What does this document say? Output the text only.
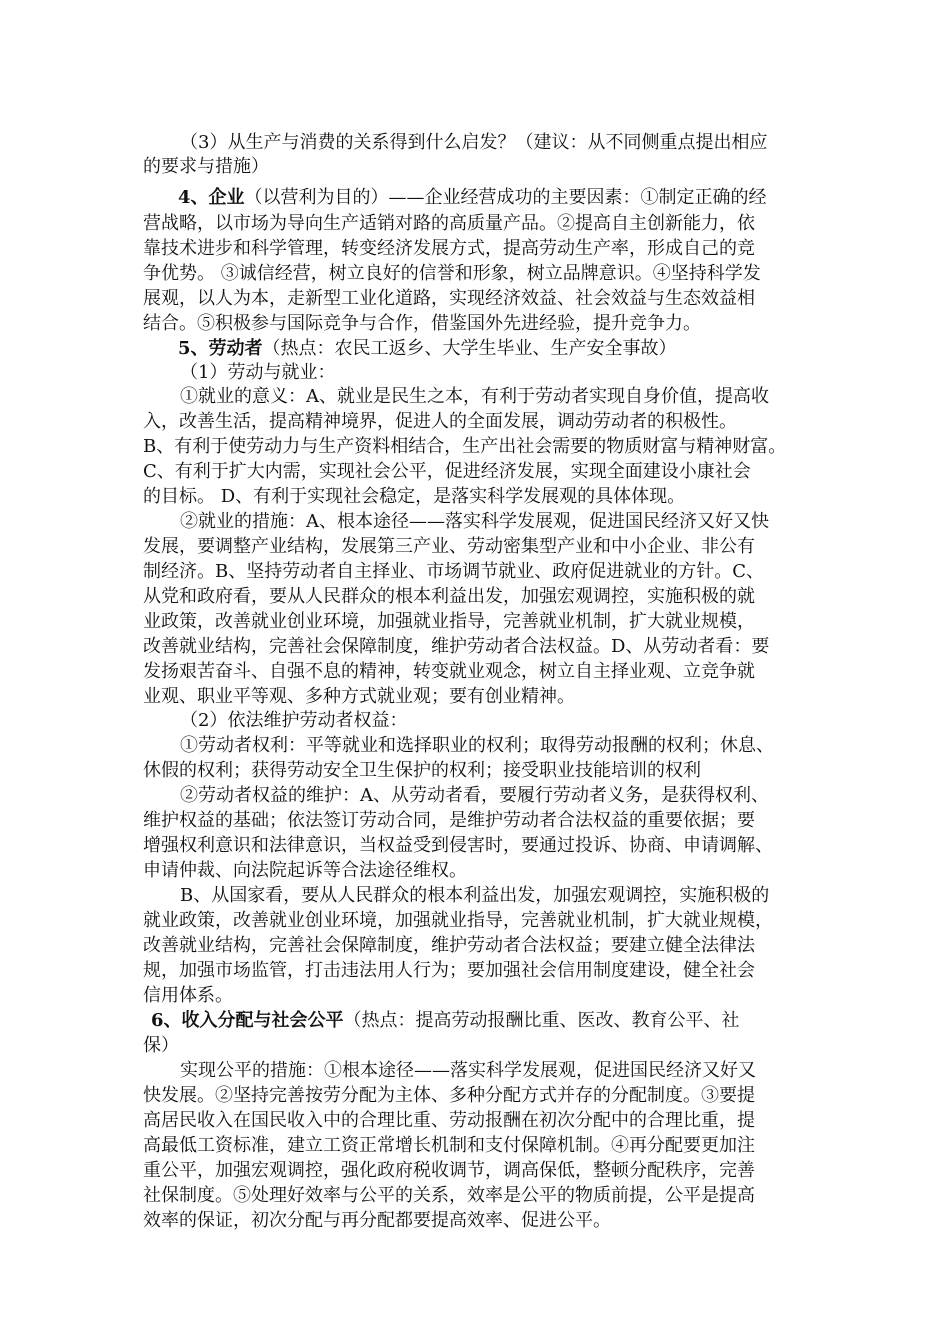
（3）从生产与消费的关系得到什么启发？（建议：从不同侧重点提出相应
的要求与措施）
4、企业（以营利为目的）——企业经营成功的主要因素：①制定正确的经
营战略，以市场为导向生产适销对路的高质量产品。②提高自主创新能力，依
靠技术进步和科学管理，转变经济发展方式，提高劳动生产率，形成自己的竞
争优势。 ③诚信经营，树立良好的信誉和形象，树立品牌意识。④坚持科学发
展观，以人为本，走新型工业化道路，实现经济效益、社会效益与生态效益相
结合。⑤积极参与国际竞争与合作，借鉴国外先进经验，提升竞争力。
5、劳动者（热点：农民工返乡、大学生毕业、生产安全事故）
（1）劳动与就业：
①就业的意义：A、就业是民生之本，有利于劳动者实现自身价值，提高收
入，改善生活，提高精神境界，促进人的全面发展，调动劳动者的积极性。
B、有利于使劳动力与生产资料相结合，生产出社会需要的物质财富与精神财富。
C、有利于扩大内需，实现社会公平，促进经济发展，实现全面建设小康社会
的目标。 D、有利于实现社会稳定，是落实科学发展观的具体体现。
②就业的措施：A、根本途径——落实科学发展观，促进国民经济又好又快
发展，要调整产业结构，发展第三产业、劳动密集型产业和中小企业、非公有
制经济。B、坚持劳动者自主择业、市场调节就业、政府促进就业的方针。C、
从党和政府看，要从人民群众的根本利益出发，加强宏观调控，实施积极的就
业政策，改善就业创业环境，加强就业指导，完善就业机制，扩大就业规模，
改善就业结构，完善社会保障制度，维护劳动者合法权益。D、从劳动者看：要
发扬艰苦奋斗、自强不息的精神，转变就业观念，树立自主择业观、立竞争就
业观、职业平等观、多种方式就业观；要有创业精神。
（2）依法维护劳动者权益：
①劳动者权利：平等就业和选择职业的权利；取得劳动报酬的权利；休息、
休假的权利；获得劳动安全卫生保护的权利；接受职业技能培训的权利
②劳动者权益的维护：A、从劳动者看，要履行劳动者义务，是获得权利、
维护权益的基础；依法签订劳动合同，是维护劳动者合法权益的重要依据；要
增强权利意识和法律意识，当权益受到侵害时，要通过投诉、协商、申请调解、
申请仲裁、向法院起诉等合法途径维权。
B、从国家看，要从人民群众的根本利益出发，加强宏观调控，实施积极的
就业政策，改善就业创业环境，加强就业指导，完善就业机制，扩大就业规模，
改善就业结构，完善社会保障制度，维护劳动者合法权益；要建立健全法律法
规，加强市场监管，打击违法用人行为；要加强社会信用制度建设，健全社会
信用体系。
6、收入分配与社会公平（热点：提高劳动报酬比重、医改、教育公平、社
保）
实现公平的措施：①根本途径——落实科学发展观，促进国民经济又好又
快发展。②坚持完善按劳分配为主体、多种分配方式并存的分配制度。③要提
高居民收入在国民收入中的合理比重、劳动报酬在初次分配中的合理比重，提
高最低工资标准，建立工资正常增长机制和支付保障机制。④再分配要更加注
重公平，加强宏观调控，强化政府税收调节，调高保低，整顿分配秩序，完善
社保制度。⑤处理好效率与公平的关系，效率是公平的物质前提，公平是提高
效率的保证，初次分配与再分配都要提高效率、促进公平。
